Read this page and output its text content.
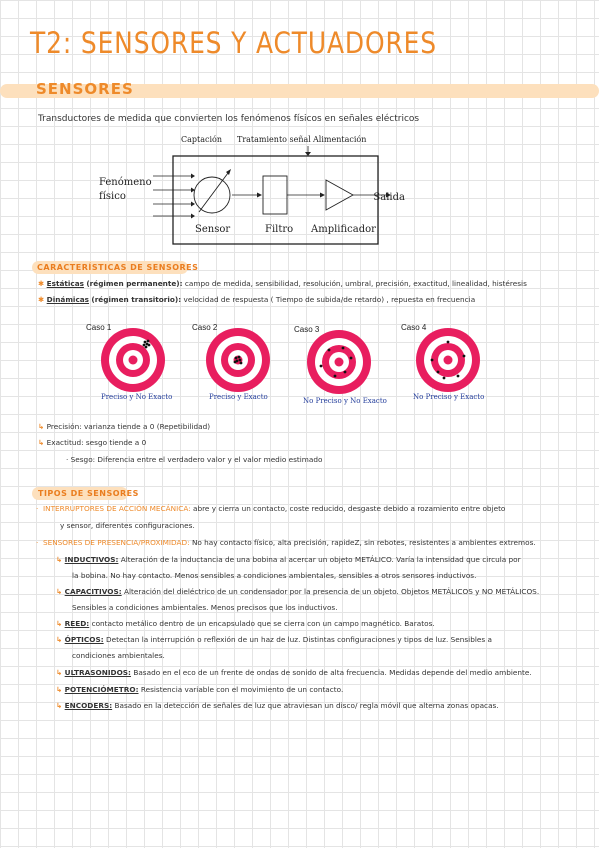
T2: SENSORES Y ACTUADORES
SENSORES
Transductores de medida que convierten los fenómenos físicos en señales eléctricos
Captación Tratamiento señal Alimentación
Fenómeno
físico
Sensor	Filtro Amplificador
Salida
CARACTERÍSTICAS DE SENSORES
✱ Estáticas (régimen permanente): campo de medida, sensibilidad, resolución, umbral, precisión, exactitud, linealidad, histéresis
✱ Dinámicas (régimen transitorio): velocidad de respuesta ( Tiempo de subida/de retardo) , repuesta en frecuencia
Caso 1	Caso 2	Caso 3	Caso 4
Preciso y No Exacto	Preciso y Exacto	No Preciso y No Exacto	No Preciso y Exacto
↳ Precisión: varianza tiende a 0 (Repetibilidad)
↳ Exactitud: sesgo tiende a 0
· Sesgo: Diferencia entre el verdadero valor y el valor medio estimado
TIPOS DE SENSORES
·  INTERRUPTORES DE ACCIÓN MECÁNICA: abre y cierra un contacto, coste reducido, desgaste debido a rozamiento entre objeto
y sensor, diferentes configuraciones.
·  SENSORES DE PRESENCIA/PROXIMIDAD: No hay contacto físico, alta precisión, rapideZ, sin rebotes, resistentes a ambientes extremos.
↳ INDUCTIVOS: Alteración de la inductancia de una bobina al acercar un objeto METÁLICO. Varía la intensidad que circula por
la bobina. No hay contacto. Menos sensibles a condiciones ambientales, sensibles a otros sensores inductivos.
↳ CAPACITIVOS: Alteración del dieléctrico de un condensador por la presencia de un objeto. Objetos METÁLICOS y NO METÁLICOS.
Sensibles a condiciones ambientales. Menos precisos que los inductivos.
↳ REED: contacto metálico dentro de un encapsulado que se cierra con un campo magnético. Baratos.
↳ ÓPTICOS: Detectan la interrupción o reflexión de un haz de luz. Distintas configuraciones y tipos de luz. Sensibles a
condiciones ambientales.
↳ ULTRASONIDOS: Basado en el eco de un frente de ondas de sonido de alta frecuencia. Medidas depende del medio ambiente.
↳ POTENCIÓMETRO: Resistencia variable con el movimiento de un contacto.
↳ ENCODERS: Basado en la detección de señales de luz que atraviesan un disco/ regla móvil que alterna zonas opacas.
